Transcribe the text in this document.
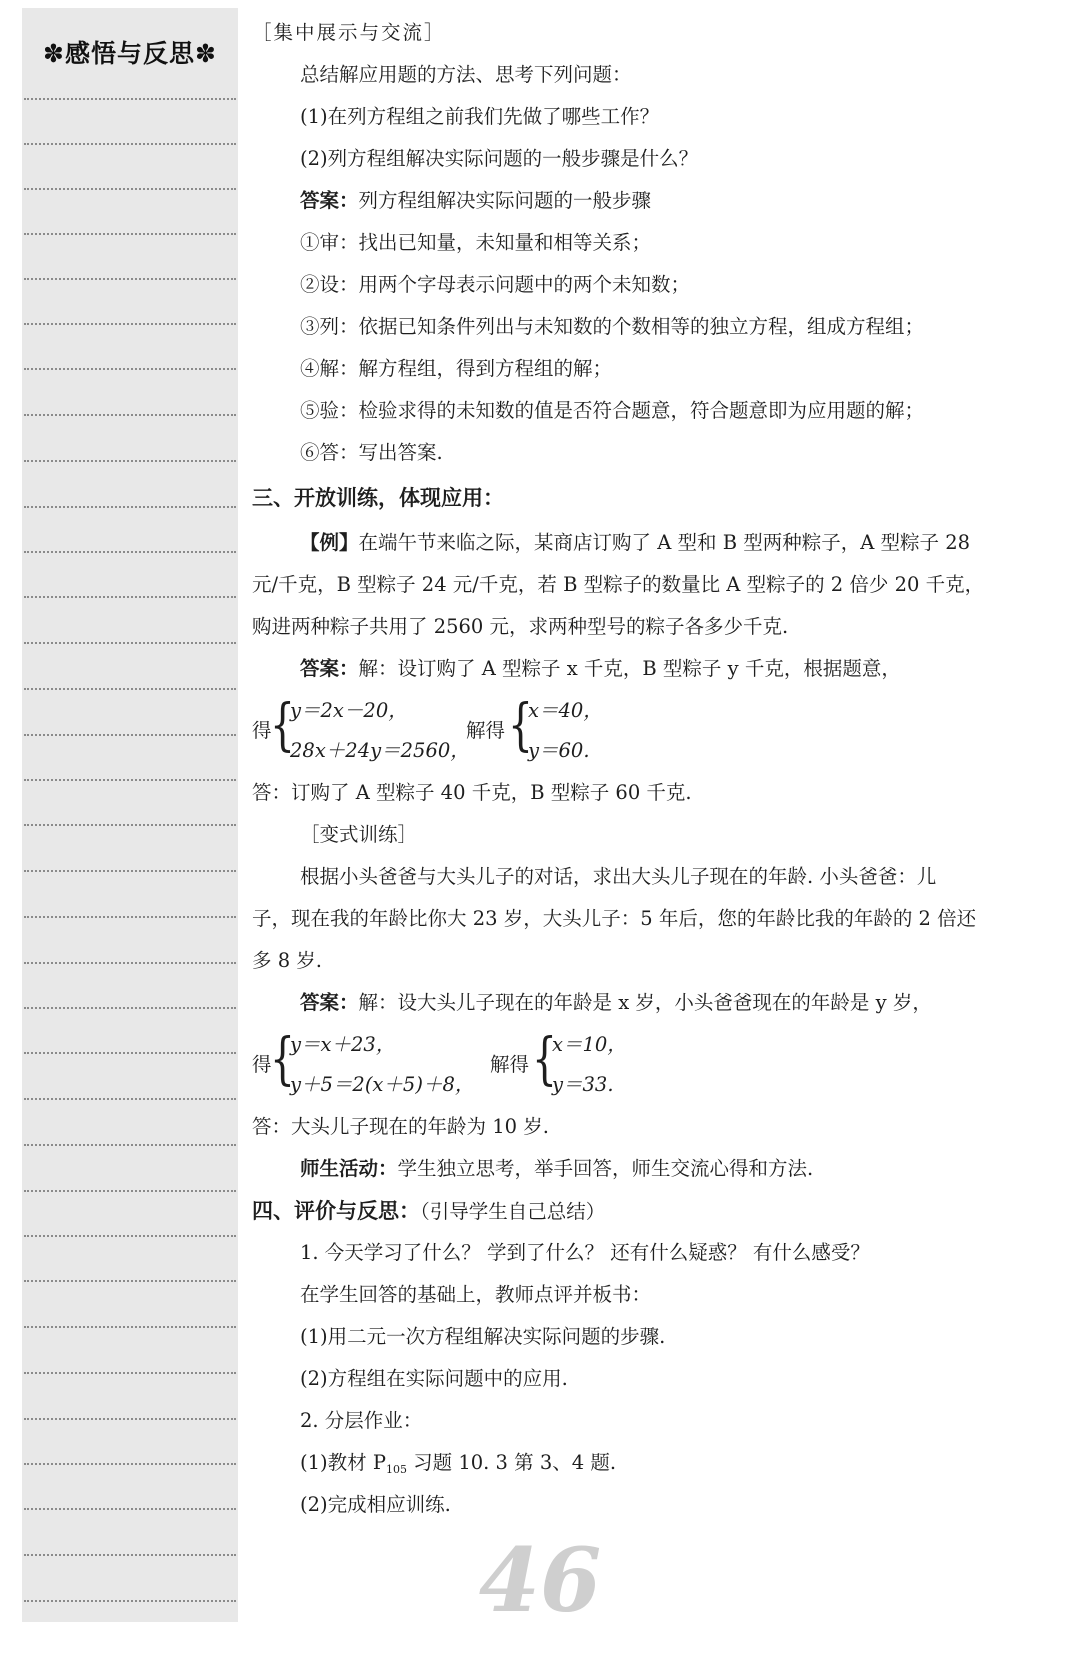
✽感悟与反思✽
［集中展示与交流］
总结解应用题的方法、思考下列问题：
(1)在列方程组之前我们先做了哪些工作？
(2)列方程组解决实际问题的一般步骤是什么？
答案：列方程组解决实际问题的一般步骤
①审：找出已知量，未知量和相等关系；
②设：用两个字母表示问题中的两个未知数；
③列：依据已知条件列出与未知数的个数相等的独立方程，组成方程组；
④解：解方程组，得到方程组的解；
⑤验：检验求得的未知数的值是否符合题意，符合题意即为应用题的解；
⑥答：写出答案.
三、开放训练，体现应用：
【例】在端午节来临之际，某商店订购了 A 型和 B 型两种粽子，A 型粽子 28
元/千克，B 型粽子 24 元/千克，若 B 型粽子的数量比 A 型粽子的 2 倍少 20 千克，
购进两种粽子共用了 2560 元，求两种型号的粽子各多少千克.
答案：解：设订购了 A 型粽子 x 千克，B 型粽子 y 千克，根据题意，
得
{
y＝2x－20，
28x＋24y＝2560，
解得 {
x＝40，
y＝60.
答：订购了 A 型粽子 40 千克，B 型粽子 60 千克.
［变式训练］
根据小头爸爸与大头儿子的对话，求出大头儿子现在的年龄. 小头爸爸：儿
子，现在我的年龄比你大 23 岁，大头儿子：5 年后，您的年龄比我的年龄的 2 倍还
多 8 岁.
答案：解：设大头儿子现在的年龄是 x 岁，小头爸爸现在的年龄是 y 岁，
得
{
y＝x＋23，
y＋5＝2(x＋5)＋8，
解得 {
x＝10，
y＝33.
答：大头儿子现在的年龄为 10 岁.
师生活动：学生独立思考，举手回答，师生交流心得和方法.
四、评价与反思：（引导学生自己总结）
1. 今天学习了什么？ 学到了什么？ 还有什么疑惑？ 有什么感受？
在学生回答的基础上，教师点评并板书：
(1)用二元一次方程组解决实际问题的步骤.
(2)方程组在实际问题中的应用.
2. 分层作业：
(1)教材 $P_{105}$ 习题 10. 3 第 3、4 题.
(2)完成相应训练.
46
